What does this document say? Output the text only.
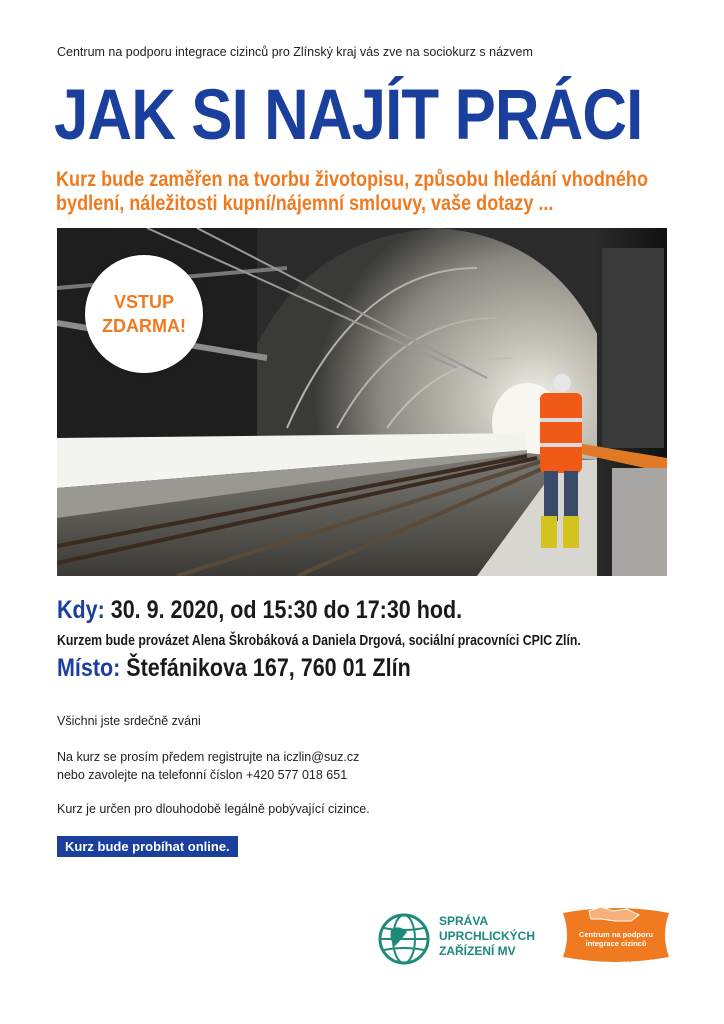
Centrum na podporu integrace cizinců pro Zlínský kraj vás zve na sociokurz s názvem
JAK SI NAJÍT PRÁCI
Kurz bude zaměřen na tvorbu životopisu, způsobu hledání vhodného
bydlení, náležitosti kupní/nájemní smlouvy, vaše dotazy ...
VSTUP
ZDARMA!
Kdy: 30. 9. 2020, od 15:30 do 17:30 hod.
Kurzem bude provázet Alena Škrobáková a Daniela Drgová, sociální pracovníci CPIC Zlín.
Místo: Štefánikova 167, 760 01 Zlín
Všichni jste srdečně zváni
Na kurz se prosím předem registrujte na iczlin@suz.cz
nebo zavolejte na telefonní číslon +420 577 018 651
Kurz je určen pro dlouhodobě legálně pobývající cizince.
Kurz bude probíhat online.
SPRÁVA
UPRCHLICKÝCH
ZAŘÍZENÍ MV
Centrum na podporu
integrace cizinců
Zlínský kraj
